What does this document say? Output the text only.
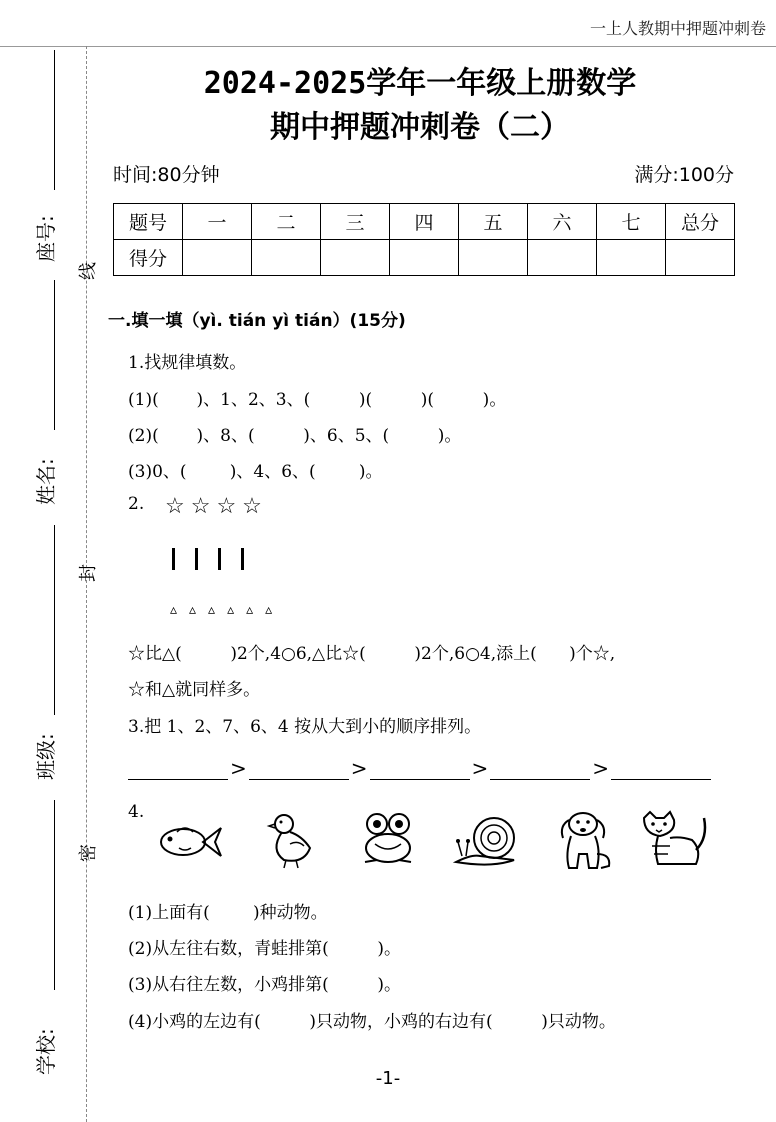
一上人教期中押题冲刺卷
座号:
姓名:
班级:
学校:
线
封
密
2024-2025学年一年级上册数学
期中押题冲刺卷（二）
时间:80分钟	满分:100分
题号	一	二	三	四	五	六	七	总分
得分								
一.填一填（yì. tián yì tián）(15分)
1.找规律填数。
(1)(       )、1、2、3、(         )(         )(         )。
(2)(       )、8、(         )、6、5、(         )。
(3)0、(        )、4、6、(        )。
2. ☆☆☆☆
▵▵▵▵▵▵
☆比△(         )2个,4○6,△比☆(         )2个,6○4,添上(      )个☆,
☆和△就同样多。
3.把 1、2、7、6、4 按从大到小的顺序排列。
>	>	>	>
4.
(1)上面有(        )种动物。
(2)从左往右数，青蛙排第(         )。
(3)从右往左数，小鸡排第(         )。
(4)小鸡的左边有(         )只动物，小鸡的右边有(         )只动物。
-1-
